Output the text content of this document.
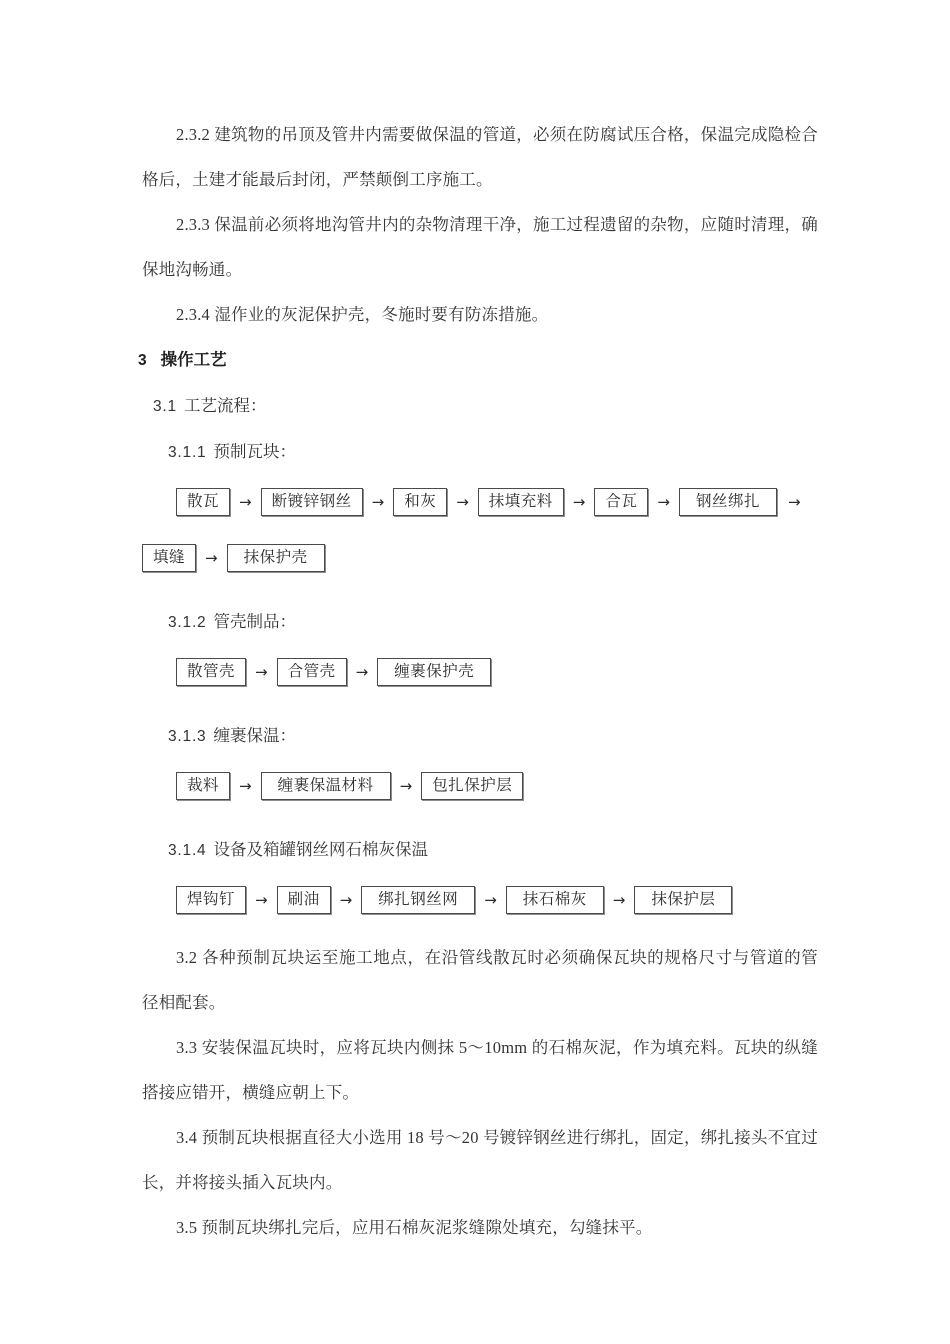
2.3.2 建筑物的吊顶及管井内需要做保温的管道，必须在防腐试压合格，保温完成隐检合格后，土建才能最后封闭，严禁颠倒工序施工。

2.3.3 保温前必须将地沟管井内的杂物清理干净，施工过程遗留的杂物，应随时清理，确保地沟畅通。

2.3.4 湿作业的灰泥保护壳，冬施时要有防冻措施。

3 操作工艺
3.1 工艺流程：
3.1.1 预制瓦块：
散瓦	→	断镀锌钢丝	→	和灰	→	抹填充料	→	合瓦	→	钢丝绑扎	→
填缝	→	抹保护壳
3.1.2 管壳制品：
散管壳	→	合管壳	→	缠裹保护壳
3.1.3 缠裹保温：
裁料	→	缠裹保温材料	→	包扎保护层
3.1.4 设备及箱罐钢丝网石棉灰保温
焊钩钉	→	刷油	→	绑扎钢丝网	→	抹石棉灰	→	抹保护层

3.2 各种预制瓦块运至施工地点，在沿管线散瓦时必须确保瓦块的规格尺寸与管道的管径相配套。

3.3 安装保温瓦块时，应将瓦块内侧抹 5～10mm 的石棉灰泥，作为填充料。瓦块的纵缝搭接应错开，横缝应朝上下。

3.4 预制瓦块根据直径大小选用 18 号～20 号镀锌钢丝进行绑扎，固定，绑扎接头不宜过长，并将接头插入瓦块内。

3.5 预制瓦块绑扎完后，应用石棉灰泥浆缝隙处填充，勾缝抹平。
